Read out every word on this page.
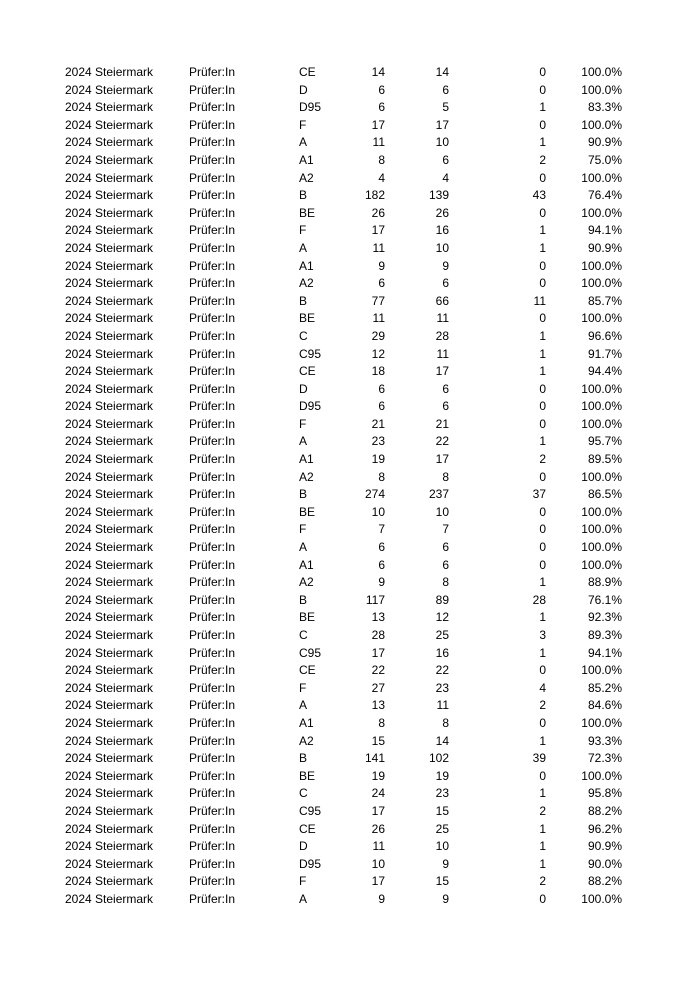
2024 Steiermark	Prüfer:In	CE	14	14	0	100.0%
2024 Steiermark	Prüfer:In	D	6	6	0	100.0%
2024 Steiermark	Prüfer:In	D95	6	5	1	83.3%
2024 Steiermark	Prüfer:In	F	17	17	0	100.0%
2024 Steiermark	Prüfer:In	A	11	10	1	90.9%
2024 Steiermark	Prüfer:In	A1	8	6	2	75.0%
2024 Steiermark	Prüfer:In	A2	4	4	0	100.0%
2024 Steiermark	Prüfer:In	B	182	139	43	76.4%
2024 Steiermark	Prüfer:In	BE	26	26	0	100.0%
2024 Steiermark	Prüfer:In	F	17	16	1	94.1%
2024 Steiermark	Prüfer:In	A	11	10	1	90.9%
2024 Steiermark	Prüfer:In	A1	9	9	0	100.0%
2024 Steiermark	Prüfer:In	A2	6	6	0	100.0%
2024 Steiermark	Prüfer:In	B	77	66	11	85.7%
2024 Steiermark	Prüfer:In	BE	11	11	0	100.0%
2024 Steiermark	Prüfer:In	C	29	28	1	96.6%
2024 Steiermark	Prüfer:In	C95	12	11	1	91.7%
2024 Steiermark	Prüfer:In	CE	18	17	1	94.4%
2024 Steiermark	Prüfer:In	D	6	6	0	100.0%
2024 Steiermark	Prüfer:In	D95	6	6	0	100.0%
2024 Steiermark	Prüfer:In	F	21	21	0	100.0%
2024 Steiermark	Prüfer:In	A	23	22	1	95.7%
2024 Steiermark	Prüfer:In	A1	19	17	2	89.5%
2024 Steiermark	Prüfer:In	A2	8	8	0	100.0%
2024 Steiermark	Prüfer:In	B	274	237	37	86.5%
2024 Steiermark	Prüfer:In	BE	10	10	0	100.0%
2024 Steiermark	Prüfer:In	F	7	7	0	100.0%
2024 Steiermark	Prüfer:In	A	6	6	0	100.0%
2024 Steiermark	Prüfer:In	A1	6	6	0	100.0%
2024 Steiermark	Prüfer:In	A2	9	8	1	88.9%
2024 Steiermark	Prüfer:In	B	117	89	28	76.1%
2024 Steiermark	Prüfer:In	BE	13	12	1	92.3%
2024 Steiermark	Prüfer:In	C	28	25	3	89.3%
2024 Steiermark	Prüfer:In	C95	17	16	1	94.1%
2024 Steiermark	Prüfer:In	CE	22	22	0	100.0%
2024 Steiermark	Prüfer:In	F	27	23	4	85.2%
2024 Steiermark	Prüfer:In	A	13	11	2	84.6%
2024 Steiermark	Prüfer:In	A1	8	8	0	100.0%
2024 Steiermark	Prüfer:In	A2	15	14	1	93.3%
2024 Steiermark	Prüfer:In	B	141	102	39	72.3%
2024 Steiermark	Prüfer:In	BE	19	19	0	100.0%
2024 Steiermark	Prüfer:In	C	24	23	1	95.8%
2024 Steiermark	Prüfer:In	C95	17	15	2	88.2%
2024 Steiermark	Prüfer:In	CE	26	25	1	96.2%
2024 Steiermark	Prüfer:In	D	11	10	1	90.9%
2024 Steiermark	Prüfer:In	D95	10	9	1	90.0%
2024 Steiermark	Prüfer:In	F	17	15	2	88.2%
2024 Steiermark	Prüfer:In	A	9	9	0	100.0%
